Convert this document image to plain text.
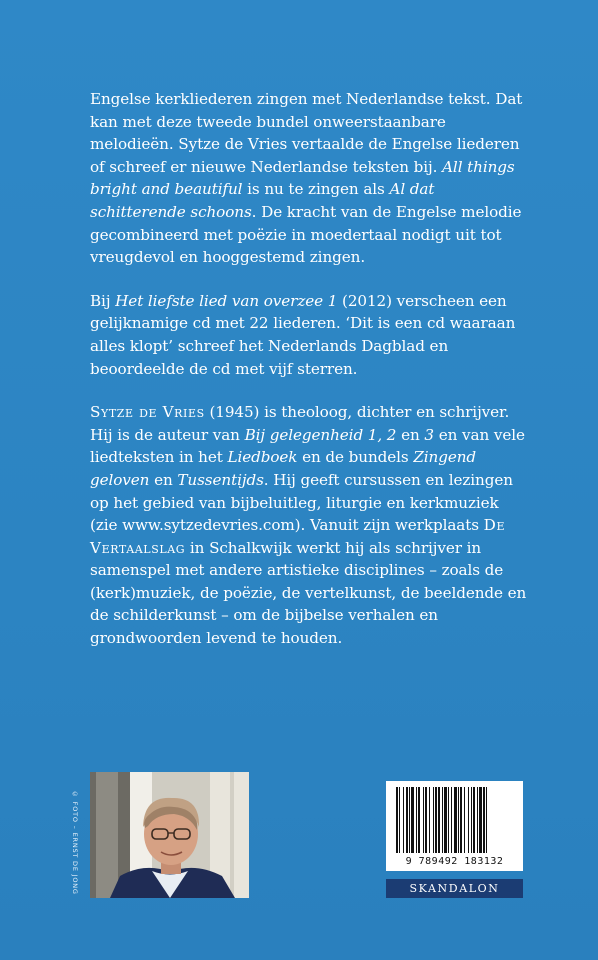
Engelse kerkliederen zingen met Nederlandse tekst. Dat kan met deze tweede bundel onweerstaanbare melodieën. Sytze de Vries vertaalde de Engelse liederen of schreef er nieuwe Nederlandse teksten bij. All things bright and beautiful is nu te zingen als Al dat schitterende schoons. De kracht van de Engelse melodie gecombineerd met poëzie in moedertaal nodigt uit tot vreugdevol en hooggestemd zingen.

Bij Het liefste lied van overzee 1 (2012) verscheen een gelijknamige cd met 22 liederen. ‘Dit is een cd waaraan alles klopt’ schreef het Nederlands Dagblad en beoordeelde de cd met vijf sterren.

Sytze de Vries (1945) is theoloog, dichter en schrijver. Hij is de auteur van Bij gelegenheid 1, 2 en 3 en van vele liedteksten in het Liedboek en de bundels Zingend geloven en Tussentijds. Hij geeft cursussen en lezingen op het gebied van bijbeluitleg, liturgie en kerkmuziek (zie www.sytzedevries.com). Vanuit zijn werkplaats De Vertaalslag in Schalkwijk werkt hij als schrijver in samenspel met andere artistieke disciplines – zoals de (kerk)muziek, de poëzie, de vertelkunst, de beeldende en de schilderkunst – om de bijbelse verhalen en grondwoorden levend te houden.

© FOTO – ERNST DE JONG	9 789492 183132
SKANDALON
